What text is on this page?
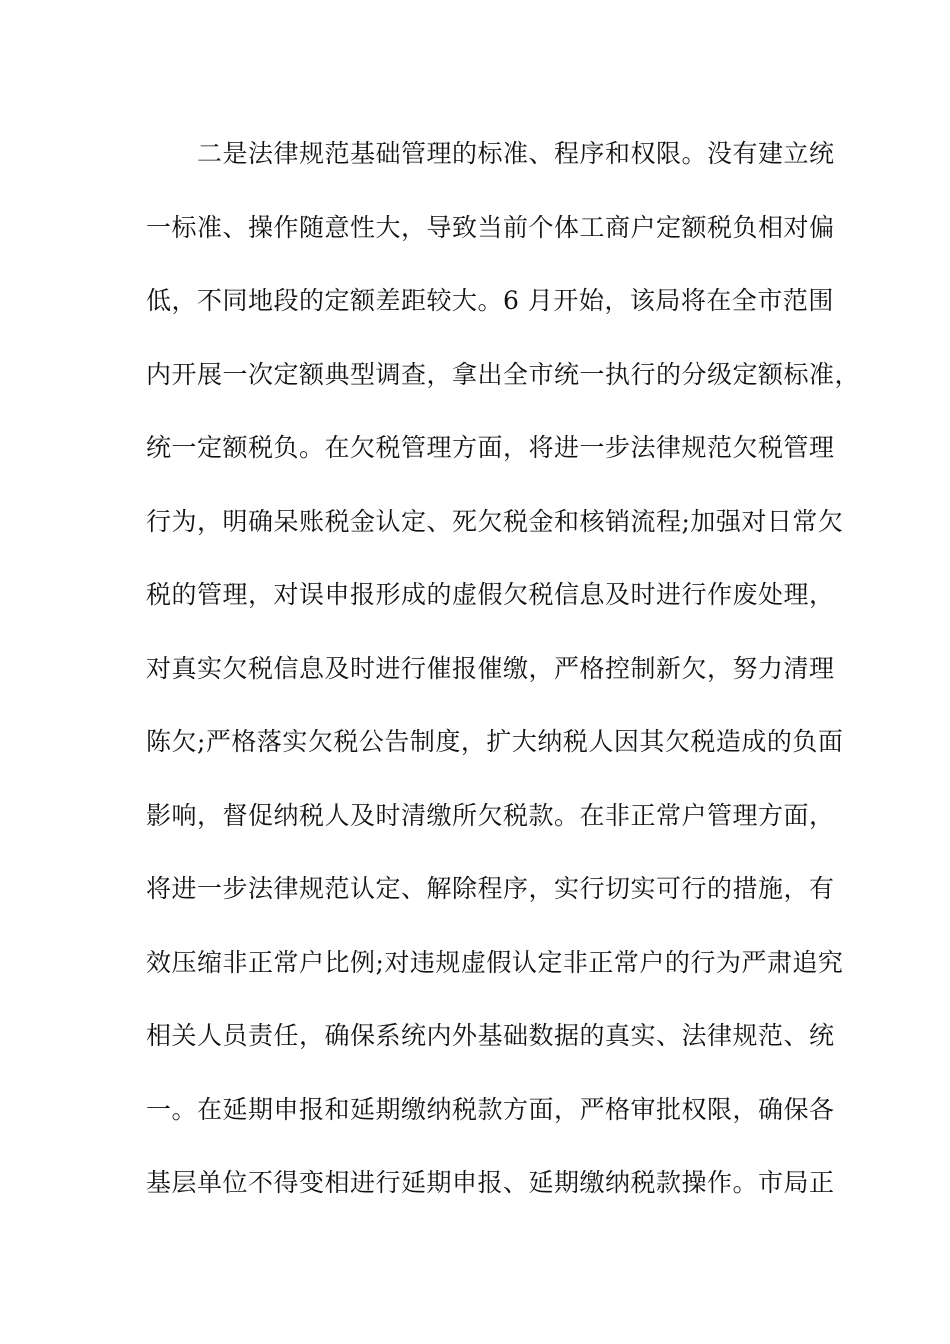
　　二是法律规范基础管理的标准、程序和权限。没有建立统
一标准、操作随意性大，导致当前个体工商户定额税负相对偏
低，不同地段的定额差距较大。6 月开始，该局将在全市范围
内开展一次定额典型调查，拿出全市统一执行的分级定额标准，
统一定额税负。在欠税管理方面，将进一步法律规范欠税管理
行为，明确呆账税金认定、死欠税金和核销流程;加强对日常欠
税的管理，对误申报形成的虚假欠税信息及时进行作废处理，
对真实欠税信息及时进行催报催缴，严格控制新欠，努力清理
陈欠;严格落实欠税公告制度，扩大纳税人因其欠税造成的负面
影响，督促纳税人及时清缴所欠税款。在非正常户管理方面，
将进一步法律规范认定、解除程序，实行切实可行的措施，有
效压缩非正常户比例;对违规虚假认定非正常户的行为严肃追究
相关人员责任，确保系统内外基础数据的真实、法律规范、统
一。在延期申报和延期缴纳税款方面，严格审批权限，确保各
基层单位不得变相进行延期申报、延期缴纳税款操作。市局正
